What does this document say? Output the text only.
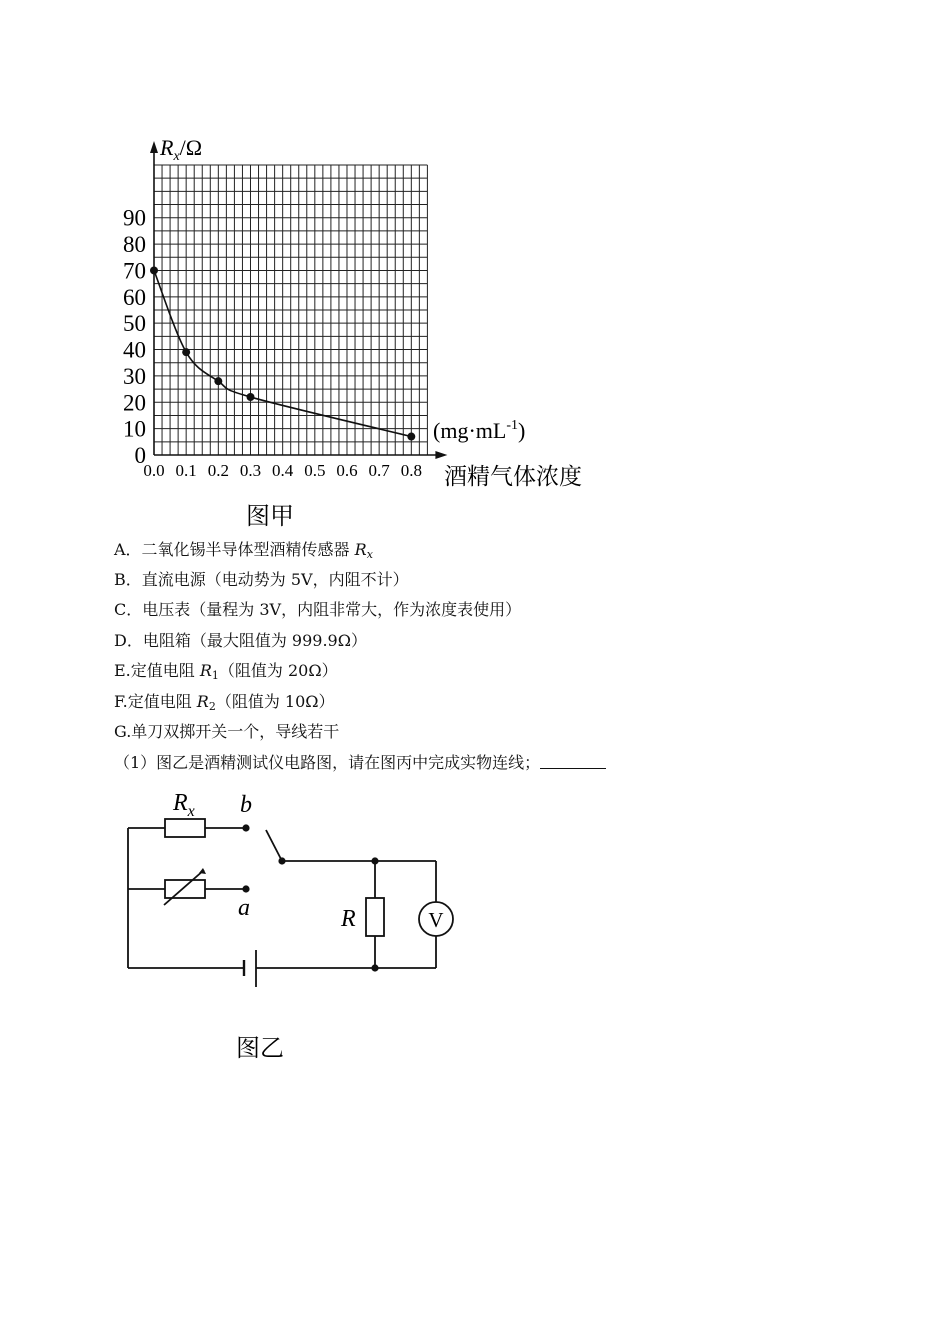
0
10
20
30
40
50
60
70
80
90
0.0 0.1 0.2 0.3 0.4 0.5 0.6 0.7 0.8
$R_x/\Omega$
$(mg\cdot mL^{-1})$
酒精气体浓度
图甲
A．二氧化锡半导体型酒精传感器 $R_x$
B．直流电源（电动势为 5V，内阻不计）
C．电压表（量程为 3V，内阻非常大，作为浓度表使用）
D．电阻箱（最大阻值为 999.9Ω）
E.定值电阻 $R_1$（阻值为 20Ω）
F.定值电阻 $R_2$（阻值为 10Ω）
G.单刀双掷开关一个，导线若干
（1）图乙是酒精测试仪电路图，请在图丙中完成实物连线；
$R_x$ b
a	R	V
图乙
